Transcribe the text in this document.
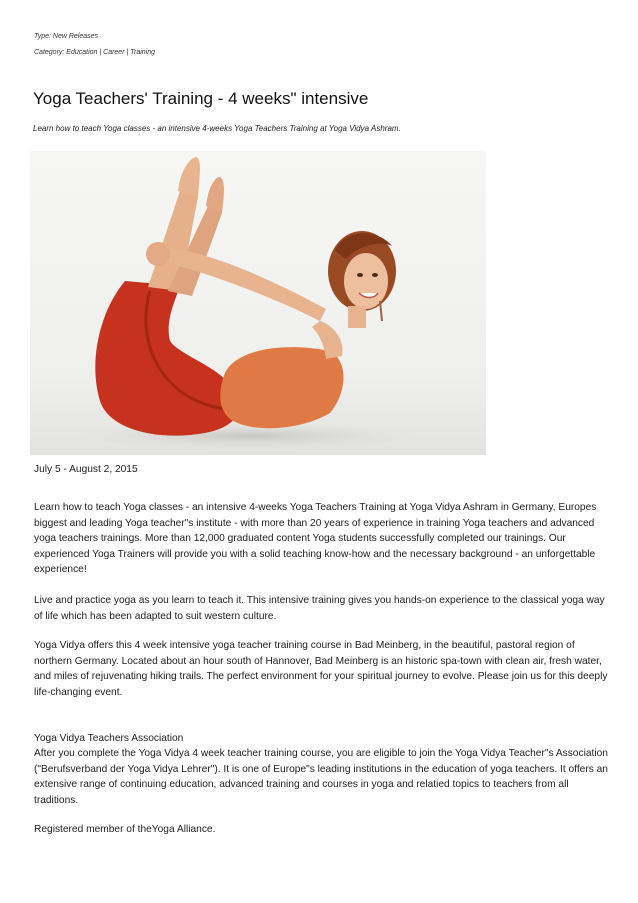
Type: New Releases
Category: Education | Career | Training
Yoga Teachers' Training - 4 weeks" intensive
Learn how to teach Yoga classes - an intensive 4-weeks Yoga Teachers Training at Yoga Vidya Ashram.

July 5 - August 2, 2015

Learn how to teach Yoga classes - an intensive 4-weeks Yoga Teachers Training at Yoga Vidya Ashram in Germany, Europes biggest and leading Yoga teacher"s institute - with more than 20 years of experience in training Yoga teachers and advanced yoga teachers trainings. More than 12,000 graduated content Yoga students successfully completed our trainings. Our experienced Yoga Trainers will provide you with a solid teaching know-how and the necessary background - an unforgettable experience!

Live and practice yoga as you learn to teach it. This intensive training gives you hands-on experience to the classical yoga way of life which has been adapted to suit western culture.

Yoga Vidya offers this 4 week intensive yoga teacher training course in Bad Meinberg, in the beautiful, pastoral region of northern Germany. Located about an hour south of Hannover, Bad Meinberg is an historic spa-town with clean air, fresh water, and miles of rejuvenating hiking trails. The perfect environment for your spiritual journey to evolve. Please join us for this deeply life-changing event.

Yoga Vidya Teachers Association

After you complete the Yoga Vidya 4 week teacher training course, you are eligible to join the Yoga Vidya Teacher"s Association ("Berufsverband der Yoga Vidya Lehrer"). It is one of Europe"s leading institutions in the education of yoga teachers. It offers an extensive range of continuing education, advanced training and courses in yoga and relatied topics to teachers from all traditions.

Registered member of theYoga Alliance.
